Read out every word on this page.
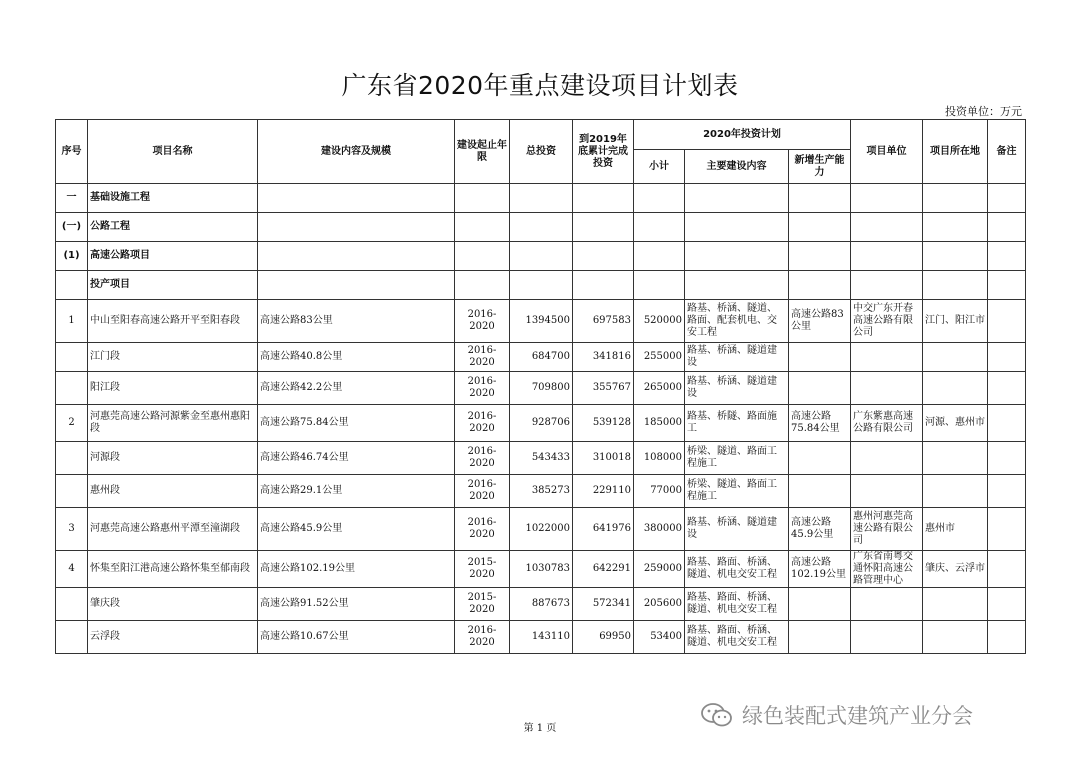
广东省2020年重点建设项目计划表
投资单位：万元
序号	项目名称	建设内容及规模	建设起止年限	总投资	到2019年底累计完成投资	2020年投资计划			项目单位	项目所在地	备注
						小计	主要建设内容	新增生产能力			
一	基础设施工程										
(一)	公路工程										
(1)	高速公路项目										
	投产项目										
1	中山至阳春高速公路开平至阳春段	高速公路83公里	2016-2020	1394500	697583	520000	路基、桥涵、隧道、路面、配套机电、交安工程	高速公路83公里	中交广东开春高速公路有限公司	江门、阳江市	
	江门段	高速公路40.8公里	2016-2020	684700	341816	255000	路基、桥涵、隧道建设				
	阳江段	高速公路42.2公里	2016-2020	709800	355767	265000	路基、桥涵、隧道建设				
2	河惠莞高速公路河源紫金至惠州惠阳段	高速公路75.84公里	2016-2020	928706	539128	185000	路基、桥隧、路面施工	高速公路75.84公里	广东紫惠高速公路有限公司	河源、惠州市	
	河源段	高速公路46.74公里	2016-2020	543433	310018	108000	桥梁、隧道、路面工程施工				
	惠州段	高速公路29.1公里	2016-2020	385273	229110	77000	桥梁、隧道、路面工程施工				
3	河惠莞高速公路惠州平潭至潼湖段	高速公路45.9公里	2016-2020	1022000	641976	380000	路基、桥涵、隧道建设	高速公路45.9公里	惠州河惠莞高速公路有限公司	惠州市	
4	怀集至阳江港高速公路怀集至郁南段	高速公路102.19公里	2015-2020	1030783	642291	259000	路基、路面、桥涵、隧道、机电交安工程	高速公路102.19公里	广东省南粤交通怀阳高速公路管理中心	肇庆、云浮市	
	肇庆段	高速公路91.52公里	2015-2020	887673	572341	205600	路基、路面、桥涵、隧道、机电交安工程				
	云浮段	高速公路10.67公里	2016-2020	143110	69950	53400	路基、路面、桥涵、隧道、机电交安工程				
第 1 页
绿色装配式建筑产业分会
